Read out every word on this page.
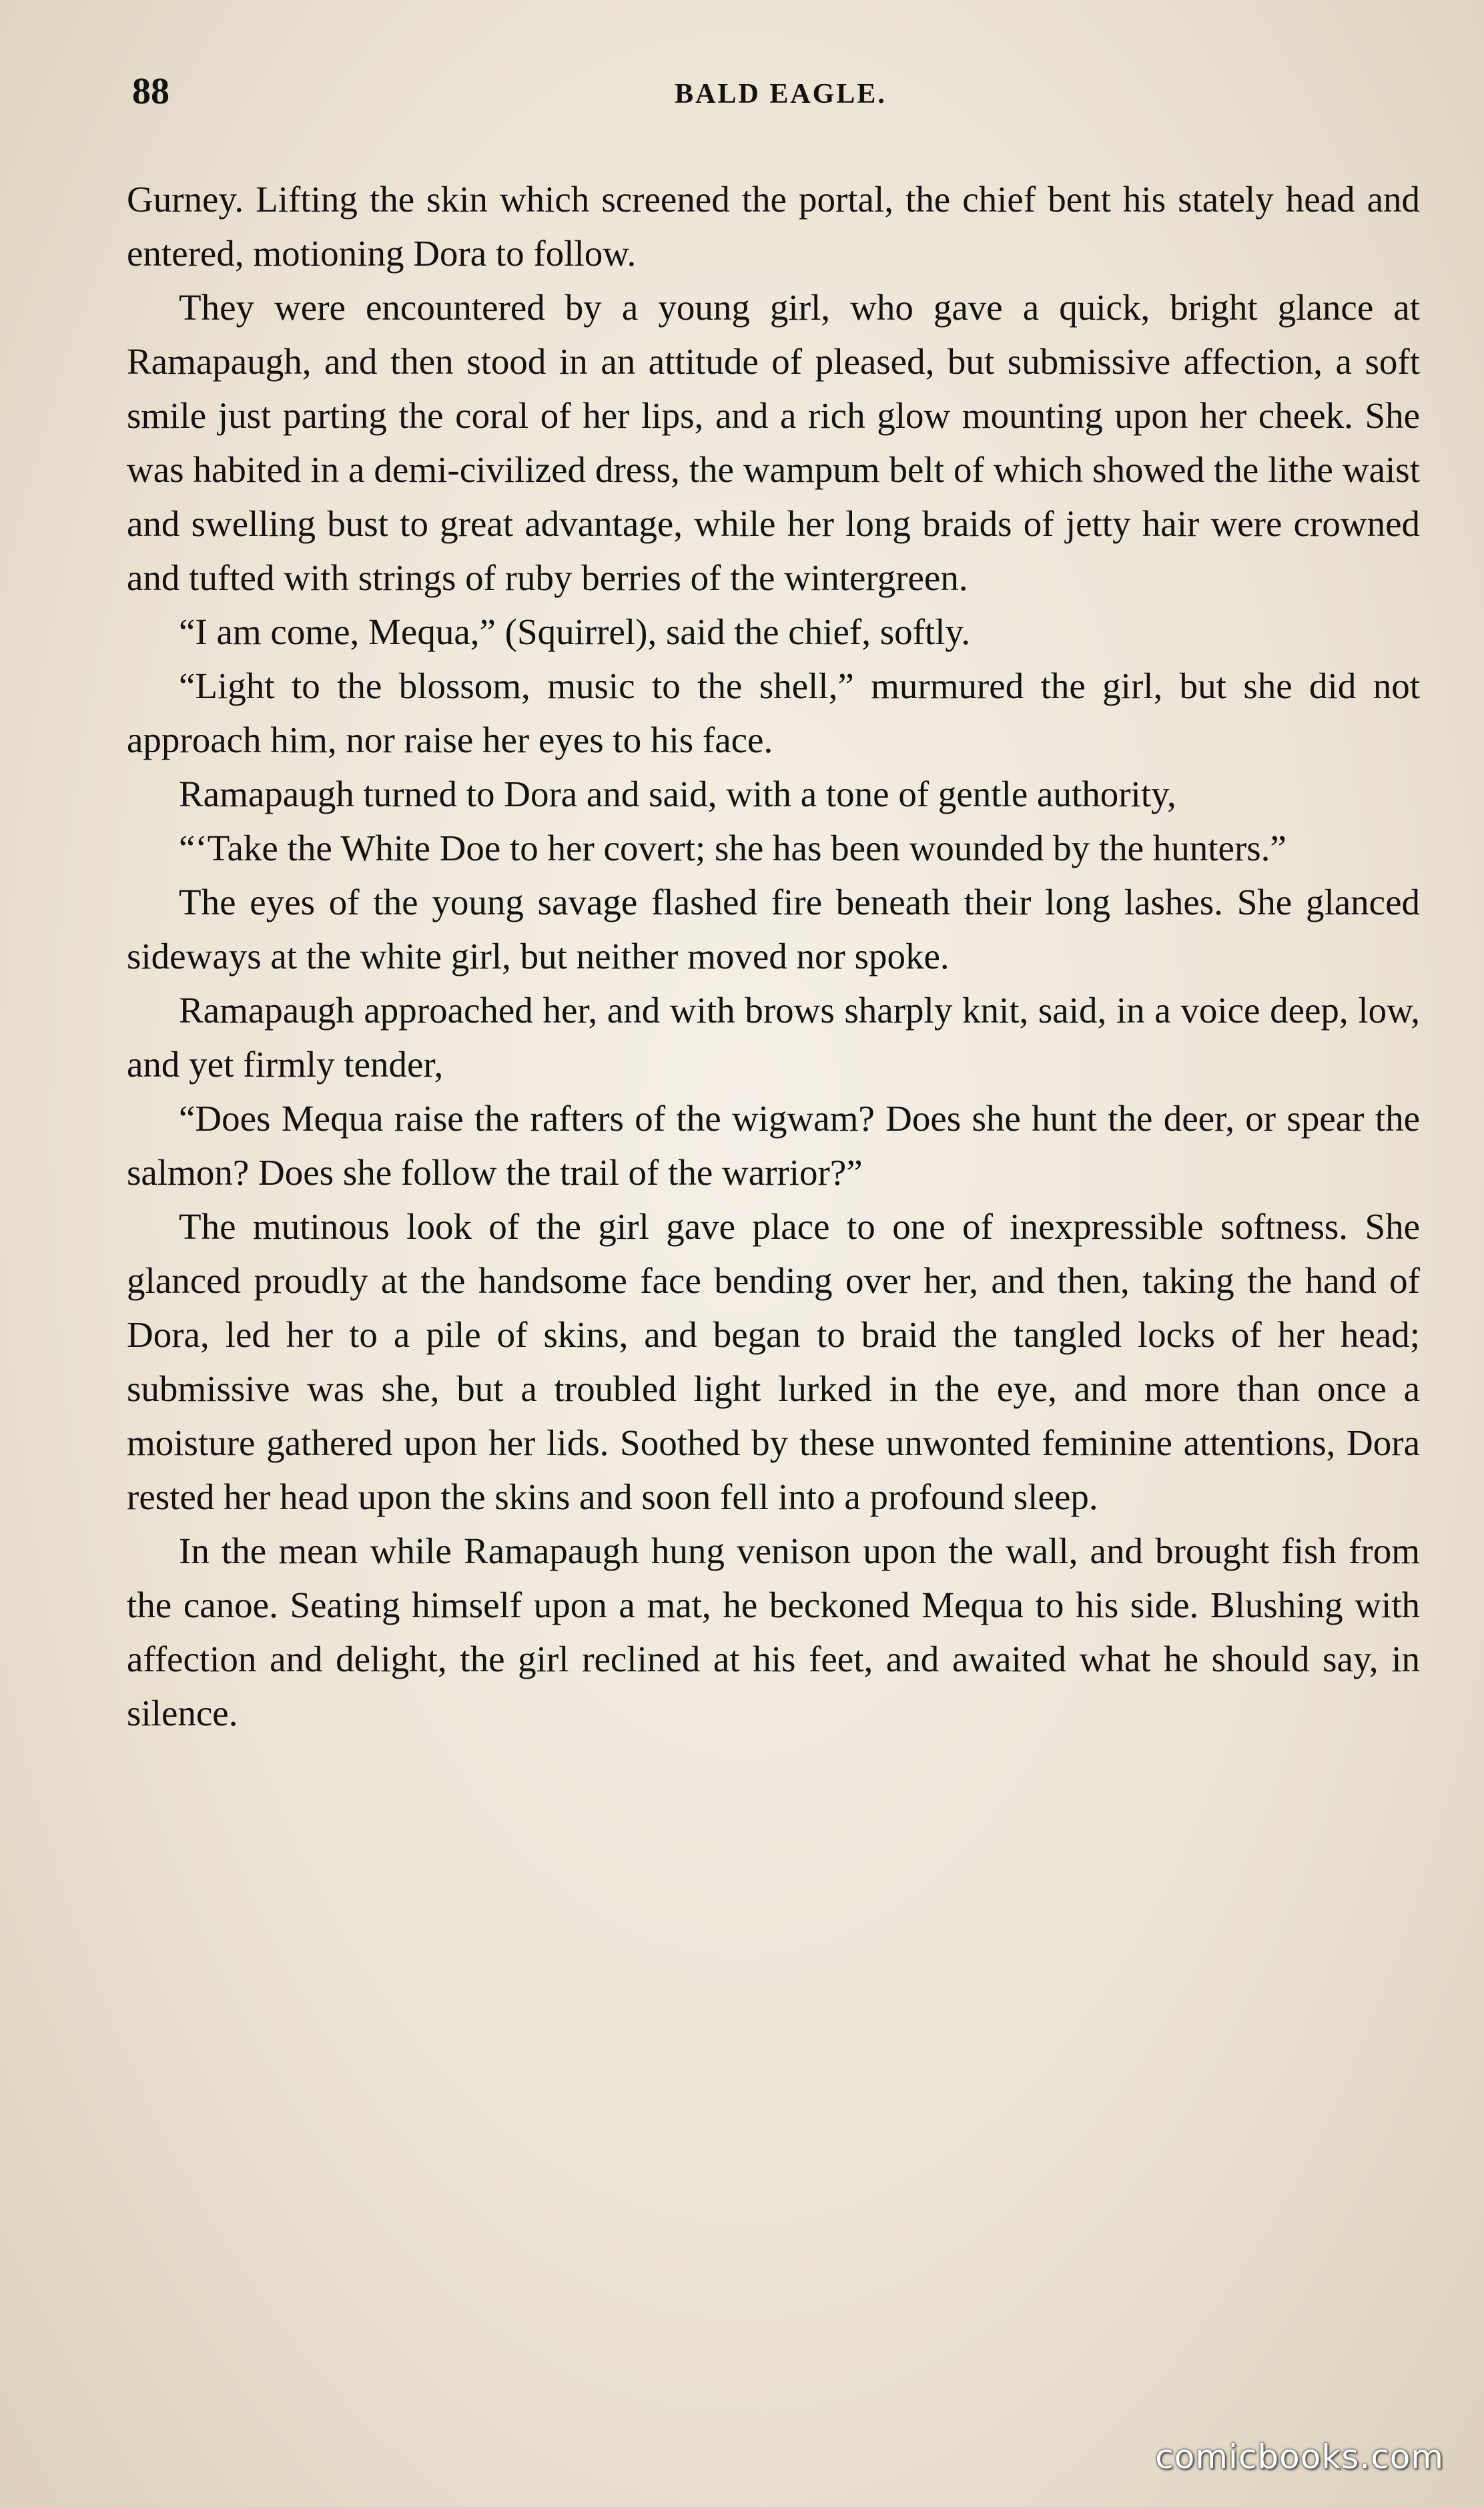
88	BALD EAGLE.

Gurney. Lifting the skin which screened the portal, the chief bent his stately head and entered, motioning Dora to follow.

They were encountered by a young girl, who gave a quick, bright glance at Ramapaugh, and then stood in an attitude of pleased, but submissive affection, a soft smile just parting the coral of her lips, and a rich glow mounting upon her cheek. She was habited in a demi-civilized dress, the wampum belt of which showed the lithe waist and swelling bust to great advantage, while her long braids of jetty hair were crowned and tufted with strings of ruby berries of the wintergreen.

“I am come, Mequa,” (Squirrel), said the chief, softly.

“Light to the blossom, music to the shell,” murmured the girl, but she did not approach him, nor raise her eyes to his face.

Ramapaugh turned to Dora and said, with a tone of gentle authority,

“‘Take the White Doe to her covert; she has been wounded by the hunters.”

The eyes of the young savage flashed fire beneath their long lashes. She glanced sideways at the white girl, but neither moved nor spoke.

Ramapaugh approached her, and with brows sharply knit, said, in a voice deep, low, and yet firmly tender,

“Does Mequa raise the rafters of the wigwam? Does she hunt the deer, or spear the salmon? Does she follow the trail of the warrior?”

The mutinous look of the girl gave place to one of inexpressible softness. She glanced proudly at the handsome face bending over her, and then, taking the hand of Dora, led her to a pile of skins, and began to braid the tangled locks of her head; submissive was she, but a troubled light lurked in the eye, and more than once a moisture gathered upon her lids. Soothed by these unwonted feminine attentions, Dora rested her head upon the skins and soon fell into a profound sleep.

In the mean while Ramapaugh hung venison upon the wall, and brought fish from the canoe. Seating himself upon a mat, he beckoned Mequa to his side. Blushing with affection and delight, the girl reclined at his feet, and awaited what he should say, in silence.

comicbooks.com
